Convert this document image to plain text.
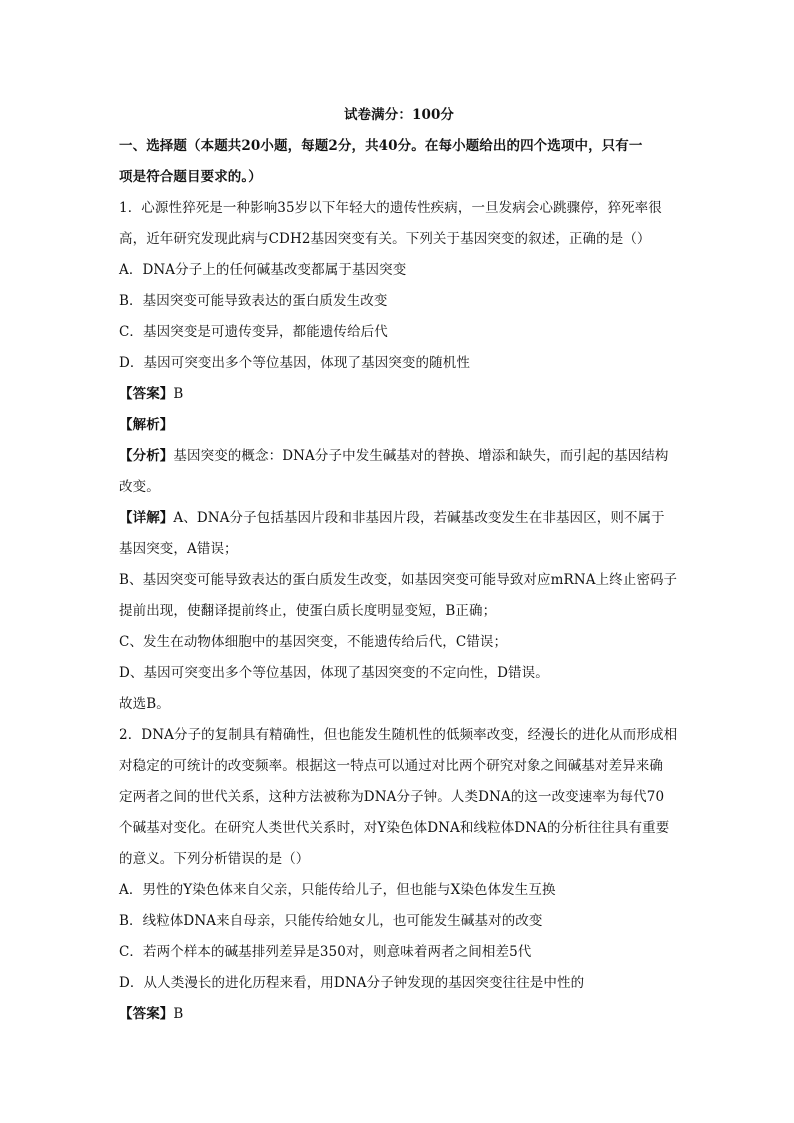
试卷满分：100分
一、选择题（本题共20小题，每题2分，共40分。在每小题给出的四个选项中，只有一
项是符合题目要求的。）
1．心源性猝死是一种影响35岁以下年轻大的遗传性疾病，一旦发病会心跳骤停，猝死率很
高，近年研究发现此病与CDH2基因突变有关。下列关于基因突变的叙述，正确的是（）
A．DNA分子上的任何碱基改变都属于基因突变
B．基因突变可能导致表达的蛋白质发生改变
C．基因突变是可遗传变异，都能遗传给后代
D．基因可突变出多个等位基因，体现了基因突变的随机性
【答案】B
【解析】
【分析】基因突变的概念：DNA分子中发生碱基对的替换、增添和缺失，而引起的基因结构
改变。
【详解】A、DNA分子包括基因片段和非基因片段，若碱基改变发生在非基因区，则不属于
基因突变，A错误；
B、基因突变可能导致表达的蛋白质发生改变，如基因突变可能导致对应mRNA上终止密码子
提前出现，使翻译提前终止，使蛋白质长度明显变短，B正确；
C、发生在动物体细胞中的基因突变，不能遗传给后代，C错误；
D、基因可突变出多个等位基因，体现了基因突变的不定向性，D错误。
故选B。
2．DNA分子的复制具有精确性，但也能发生随机性的低频率改变，经漫长的进化从而形成相
对稳定的可统计的改变频率。根据这一特点可以通过对比两个研究对象之间碱基对差异来确
定两者之间的世代关系，这种方法被称为DNA分子钟。人类DNA的这一改变速率为每代70
个碱基对变化。在研究人类世代关系时，对Y染色体DNA和线粒体DNA的分析往往具有重要
的意义。下列分析错误的是（）
A．男性的Y染色体来自父亲，只能传给儿子，但也能与X染色体发生互换
B．线粒体DNA来自母亲，只能传给她女儿，也可能发生碱基对的改变
C．若两个样本的碱基排列差异是350对，则意味着两者之间相差5代
D．从人类漫长的进化历程来看，用DNA分子钟发现的基因突变往往是中性的
【答案】B
